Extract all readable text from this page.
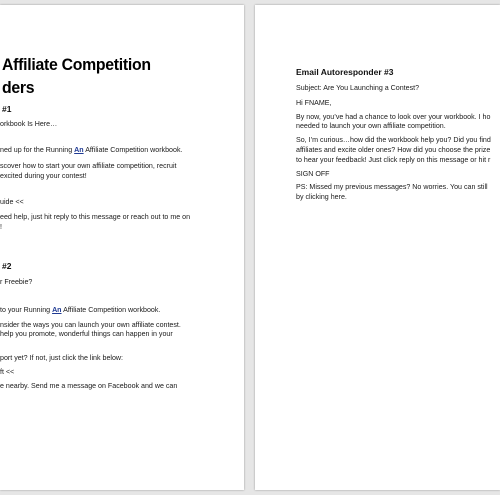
Affiliate Competition
ders
#1
orkbook Is Here…
ned up for the Running An Affiliate Competition workbook.
scover how to start your own affiliate competition, recruit
excited during your contest!
uide <<
eed help, just hit reply to this message or reach out to me on
!
#2
r Freebie?
to your Running An Affiliate Competition workbook.
nsider the ways you can launch your own affiliate contest.
help you promote, wonderful things can happen in your
port yet? If not, just click the link below:
ft <<
e nearby. Send me a message on Facebook and we can
Email Autoresponder #3
Subject: Are You Launching a Contest?
Hi FNAME,
By now, you’ve had a chance to look over your workbook. I ho
needed to launch your own affiliate competition.
So, I’m curious…how did the workbook help you? Did you find
affiliates and excite older ones? How did you choose the prize
to hear your feedback! Just click reply on this message or hit r
SIGN OFF
PS: Missed my previous messages? No worries. You can still
by clicking here.
